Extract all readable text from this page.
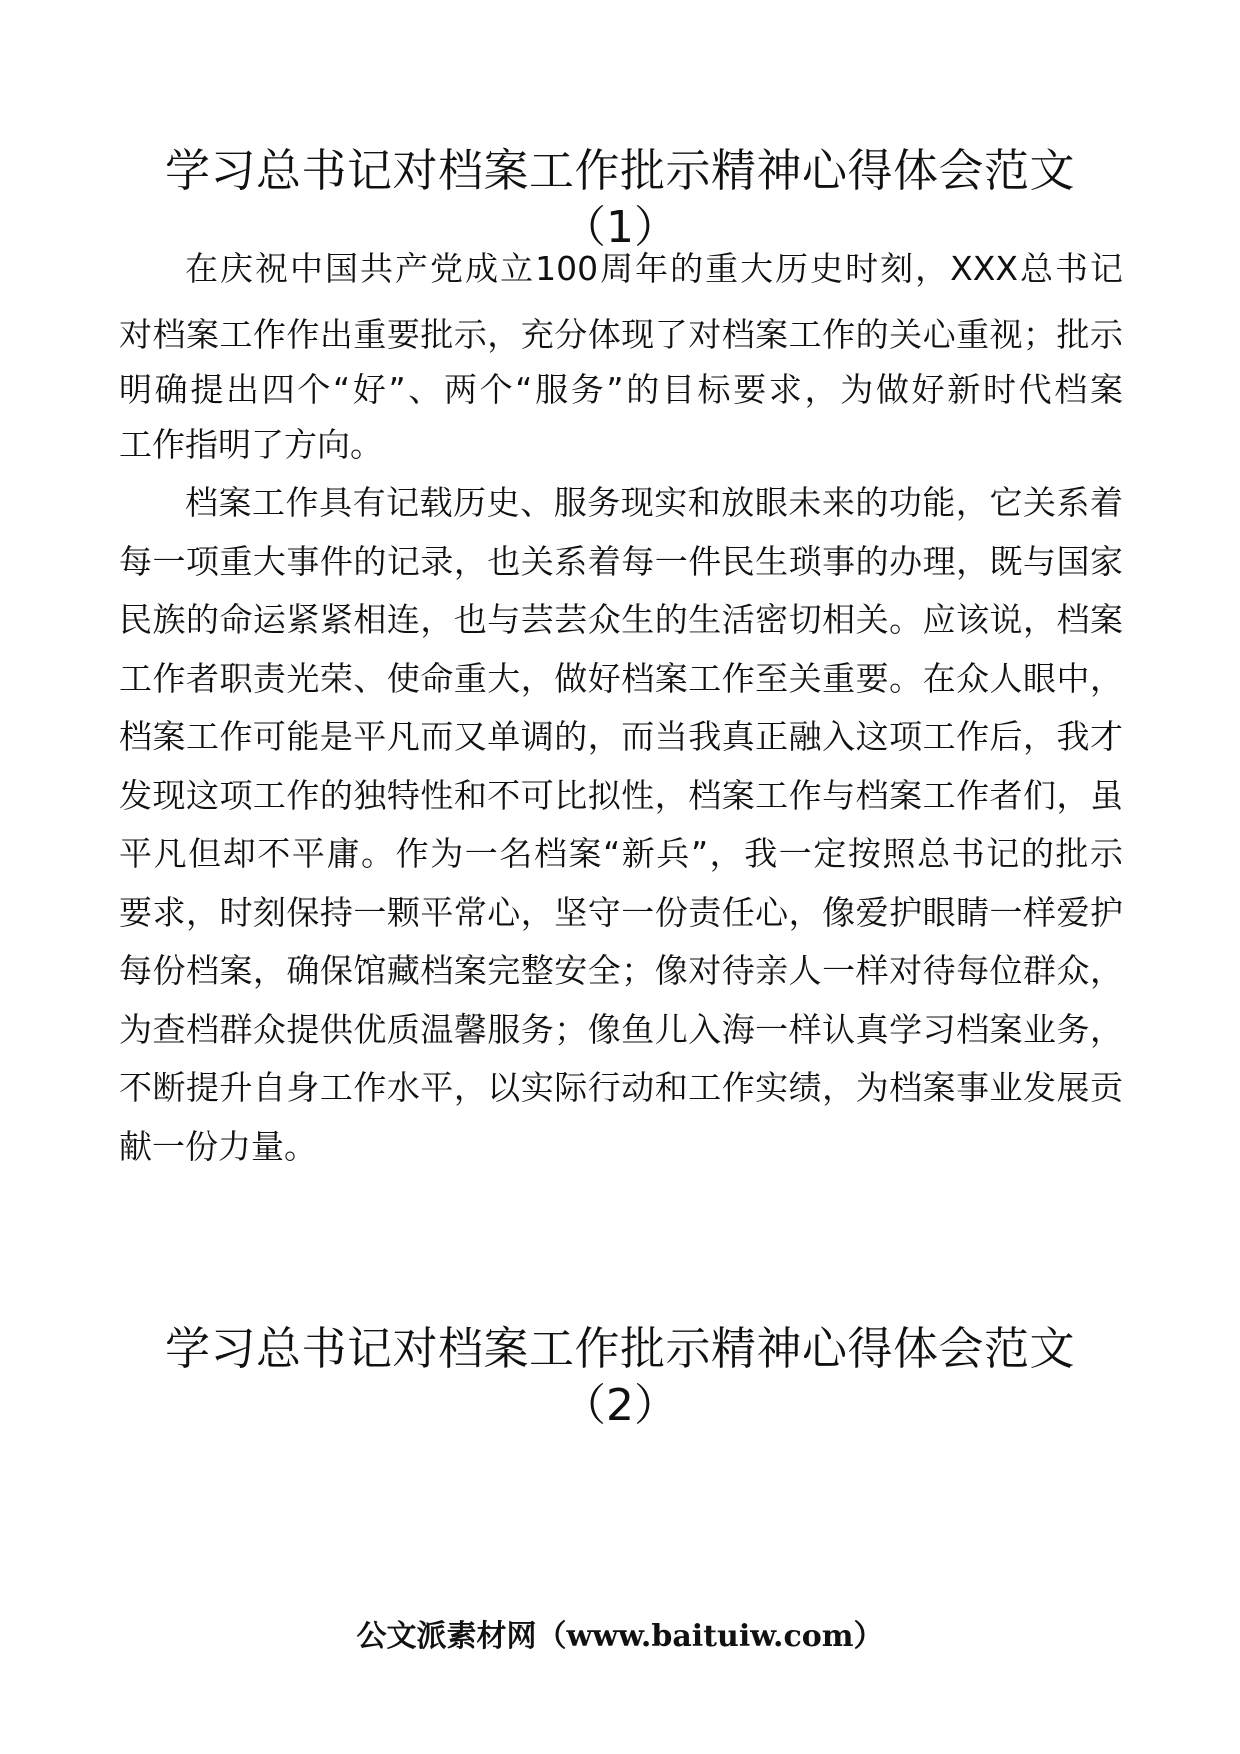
学习总书记对档案工作批示精神心得体会范文
（1）
在庆祝中国共产党成立100周年的重大历史时刻，XXX总书记
对档案工作作出重要批示，充分体现了对档案工作的关心重视；批示
明确提出四个“好”、两个“服务”的目标要求，为做好新时代档案
工作指明了方向。
档案工作具有记载历史、服务现实和放眼未来的功能，它关系着
每一项重大事件的记录，也关系着每一件民生琐事的办理，既与国家
民族的命运紧紧相连，也与芸芸众生的生活密切相关。应该说，档案
工作者职责光荣、使命重大，做好档案工作至关重要。在众人眼中，
档案工作可能是平凡而又单调的，而当我真正融入这项工作后，我才
发现这项工作的独特性和不可比拟性，档案工作与档案工作者们，虽
平凡但却不平庸。作为一名档案“新兵”，我一定按照总书记的批示
要求，时刻保持一颗平常心，坚守一份责任心，像爱护眼睛一样爱护
每份档案，确保馆藏档案完整安全；像对待亲人一样对待每位群众，
为查档群众提供优质温馨服务；像鱼儿入海一样认真学习档案业务，
不断提升自身工作水平，以实际行动和工作实绩，为档案事业发展贡
献一份力量。
学习总书记对档案工作批示精神心得体会范文
（2）
公文派素材网（www.baituiw.com）
